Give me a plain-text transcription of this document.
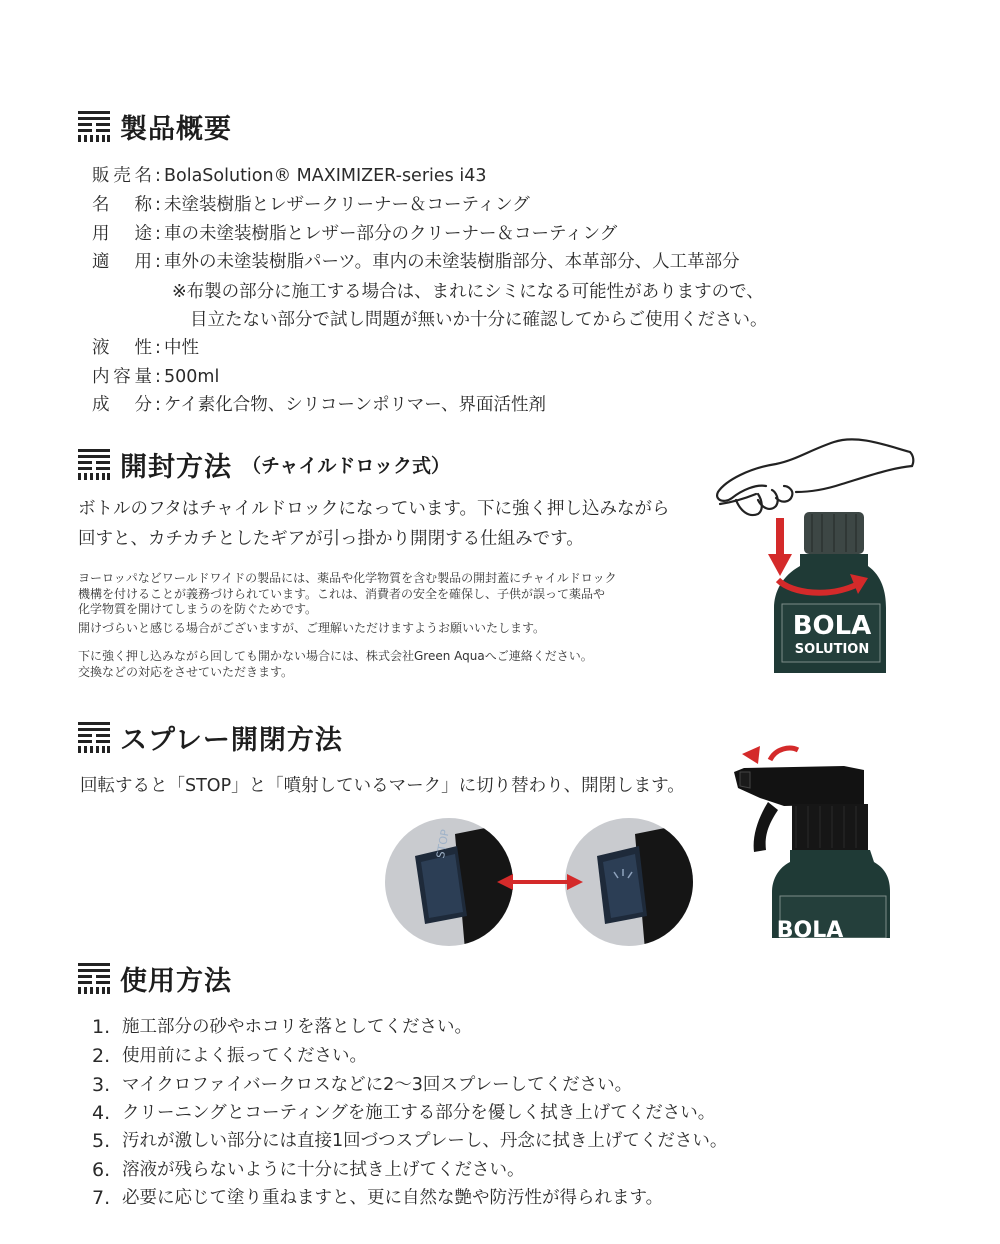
製品概要
販売名 : BolaSolution® MAXIMIZER-series i43
名称 : 未塗装樹脂とレザークリーナー＆コーティング
用途 : 車の未塗装樹脂とレザー部分のクリーナー＆コーティング
適用 : 車外の未塗装樹脂パーツ。車内の未塗装樹脂部分、本革部分、人工革部分
※布製の部分に施工する場合は、まれにシミになる可能性がありますので、
目立たない部分で試し問題が無いか十分に確認してからご使用ください。
液性 : 中性
内容量 : 500ml
成分 : ケイ素化合物、シリコーンポリマー、界面活性剤
開封方法 （チャイルドロック式）
ボトルのフタはチャイルドロックになっています。下に強く押し込みながら
回すと、カチカチとしたギアが引っ掛かり開閉する仕組みです。
ヨーロッパなどワールドワイドの製品には、薬品や化学物質を含む製品の開封蓋にチャイルドロック
機構を付けることが義務づけられています。これは、消費者の安全を確保し、子供が誤って薬品や
化学物質を開けてしまうのを防ぐためです。
開けづらいと感じる場合がございますが、ご理解いただけますようお願いいたします。
下に強く押し込みながら回しても開かない場合には、株式会社Green Aquaへご連絡ください。
交換などの対応をさせていただきます。
BOLA
SOLUTION
スプレー開閉方法
回転すると「STOP」と「噴射しているマーク」に切り替わり、開閉します。
STOP
BOLA
使用方法
1. 施工部分の砂やホコリを落としてください。
2. 使用前によく振ってください。
3. マイクロファイバークロスなどに2〜3回スプレーしてください。
4. クリーニングとコーティングを施工する部分を優しく拭き上げてください。
5. 汚れが激しい部分には直接1回づつスプレーし、丹念に拭き上げてください。
6. 溶液が残らないように十分に拭き上げてください。
7. 必要に応じて塗り重ねますと、更に自然な艶や防汚性が得られます。
